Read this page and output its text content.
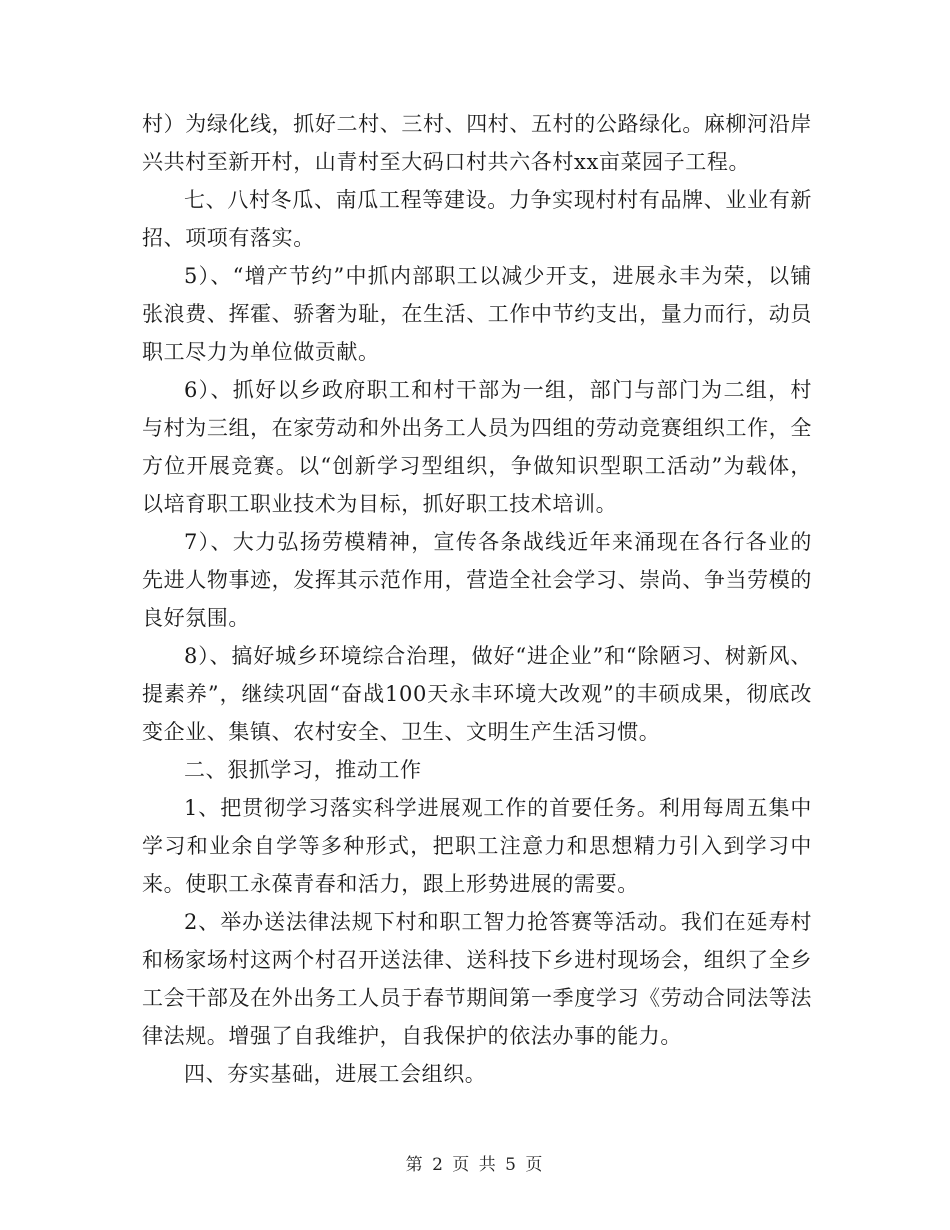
村）为绿化线，抓好二村、三村、四村、五村的公路绿化。麻柳河沿岸兴共村至新开村，山青村至大码口村共六各村xx亩菜园子工程。

七、八村冬瓜、南瓜工程等建设。力争实现村村有品牌、业业有新招、项项有落实。

5）、“增产节约”中抓内部职工以减少开支，进展永丰为荣，以铺张浪费、挥霍、骄奢为耻，在生活、工作中节约支出，量力而行，动员职工尽力为单位做贡献。

6）、抓好以乡政府职工和村干部为一组，部门与部门为二组，村与村为三组，在家劳动和外出务工人员为四组的劳动竞赛组织工作，全方位开展竞赛。以“创新学习型组织，争做知识型职工活动”为载体，以培育职工职业技术为目标，抓好职工技术培训。

7）、大力弘扬劳模精神，宣传各条战线近年来涌现在各行各业的先进人物事迹，发挥其示范作用，营造全社会学习、崇尚、争当劳模的良好氛围。

8）、搞好城乡环境综合治理，做好“进企业”和“除陋习、树新风、提素养”，继续巩固“奋战100天永丰环境大改观”的丰硕成果，彻底改变企业、集镇、农村安全、卫生、文明生产生活习惯。

二、狠抓学习，推动工作

1、把贯彻学习落实科学进展观工作的首要任务。利用每周五集中学习和业余自学等多种形式，把职工注意力和思想精力引入到学习中来。使职工永葆青春和活力，跟上形势进展的需要。

2、举办送法律法规下村和职工智力抢答赛等活动。我们在延寿村和杨家场村这两个村召开送法律、送科技下乡进村现场会，组织了全乡工会干部及在外出务工人员于春节期间第一季度学习《劳动合同法等法律法规。增强了自我维护，自我保护的依法办事的能力。

四、夯实基础，进展工会组织。

第 2 页 共 5 页
